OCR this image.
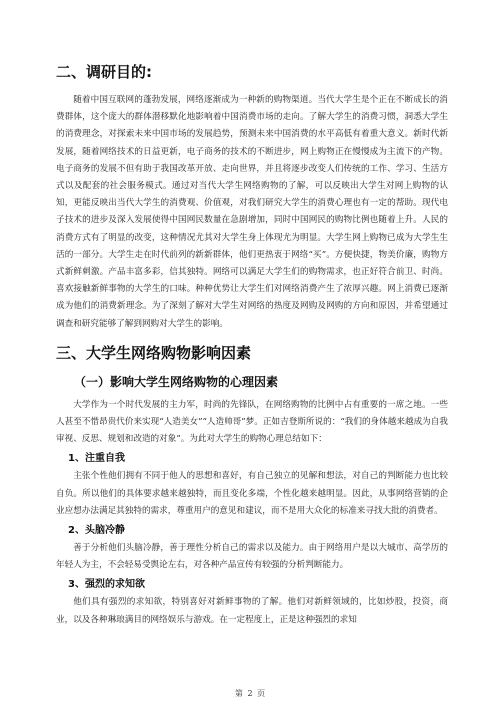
二、调研目的:

随着中国互联网的蓬勃发展，网络逐渐成为一种新的购物渠道。当代大学生是个正在不断成长的消费群体，这个庞大的群体潜移默化地影响着中国消费市场的走向。了解大学生的消费习惯，洞悉大学生的消费理念，对探索未来中国市场的发展趋势，预测未来中国消费的水平高低有着重大意义。新时代新发展，随着网络技术的日益更新，电子商务的技术的不断进步，网上购物正在慢慢成为主流下的产物。电子商务的发展不但有助于我国改革开放、走向世界，并且将逐步改变人们传统的工作、学习、生活方式以及配套的社会服务模式。通过对当代大学生网络购物的了解，可以反映出大学生对网上购物的认知，更能反映出当代大学生的消费观、价值观，对我们研究大学生的消费心理也有一定的帮助。现代电子技术的进步及深入发展使得中国网民数量在急剧增加，同时中国网民的购物比例也随着上升。人民的消费方式有了明显的改变，这种情况尤其对大学生身上体现尤为明显。大学生网上购物已成为大学生生活的一部分。大学生走在时代前列的新新群体，他们更热衷于网络“买”。方便快捷，物美价廉，购物方式新鲜刺激。产品丰富多彩，信其独特。网络可以满足大学生们的购物需求，也正好符合前卫、时尚。喜欢接触新鲜事物的大学生的口味。种种优势让大学生们对网络消费产生了浓厚兴趣。网上消费已逐渐成为他们的消费新理念。为了深刻了解对大学生对网络的热度及网购及网购的方向和原因，并希望通过调查和研究能够了解到网购对大学生的影响。

三、大学生网络购物影响因素
（一）影响大学生网络购物的心理因素

大学作为一个时代发展的主力军，时尚的先锋队，在网络购物的比例中占有重要的一席之地。一些人甚至不惜昂贵代价来实现“人造美女”“人造帅哥”梦。正如吉登斯所说的：“我们的身体越来越成为自我审视、反思、规划和改造的对象”。为此对大学生的购物心理总结如下：

1、注重自我

主张个性他们拥有不同于他人的思想和喜好，有自己独立的见解和想法，对自己的判断能力也比较自负。所以他们的具体要求越来越独特，而且变化多端，个性化越来越明显。因此，从事网络营销的企业应想办法满足其独特的需求，尊重用户的意见和建议，而不是用大众化的标准来寻找大批的消费者。

2、头脑冷静

善于分析他们头脑冷静，善于理性分析自己的需求以及能力。由于网络用户是以大城市、高学历的年轻人为主，不会轻易受舆论左右，对各种产品宣传有较强的分析判断能力。

3、强烈的求知欲

他们具有强烈的求知欲，特别喜好对新鲜事物的了解。他们对新鲜领域的，比如炒股，投资，商业，以及各种琳琅满目的网络娱乐与游戏。在一定程度上，正是这种强烈的求知

第 2 页
